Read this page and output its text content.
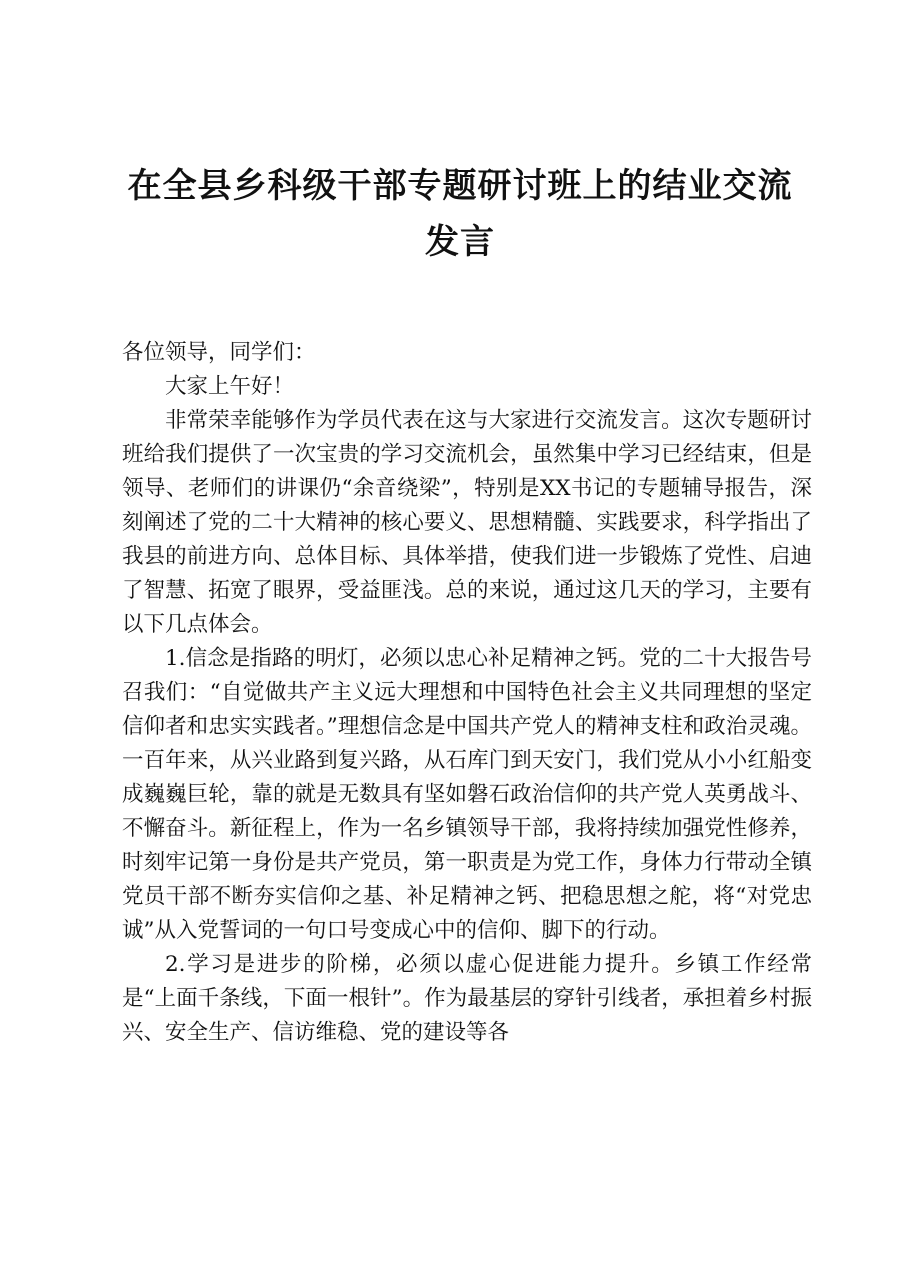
在全县乡科级干部专题研讨班上的结业交流发言

各位领导，同学们：

大家上午好！

非常荣幸能够作为学员代表在这与大家进行交流发言。这次专题研讨班给我们提供了一次宝贵的学习交流机会，虽然集中学习已经结束，但是领导、老师们的讲课仍“余音绕梁”，特别是XX书记的专题辅导报告，深刻阐述了党的二十大精神的核心要义、思想精髓、实践要求，科学指出了我县的前进方向、总体目标、具体举措，使我们进一步锻炼了党性、启迪了智慧、拓宽了眼界，受益匪浅。总的来说，通过这几天的学习，主要有以下几点体会。

1.信念是指路的明灯，必须以忠心补足精神之钙。党的二十大报告号召我们：“自觉做共产主义远大理想和中国特色社会主义共同理想的坚定信仰者和忠实实践者。”理想信念是中国共产党人的精神支柱和政治灵魂。一百年来，从兴业路到复兴路，从石库门到天安门，我们党从小小红船变成巍巍巨轮，靠的就是无数具有坚如磐石政治信仰的共产党人英勇战斗、不懈奋斗。新征程上，作为一名乡镇领导干部，我将持续加强党性修养，时刻牢记第一身份是共产党员，第一职责是为党工作，身体力行带动全镇党员干部不断夯实信仰之基、补足精神之钙、把稳思想之舵，将“对党忠诚”从入党誓词的一句口号变成心中的信仰、脚下的行动。

2.学习是进步的阶梯，必须以虚心促进能力提升。乡镇工作经常是“上面千条线，下面一根针”。作为最基层的穿针引线者，承担着乡村振兴、安全生产、信访维稳、党的建设等各
